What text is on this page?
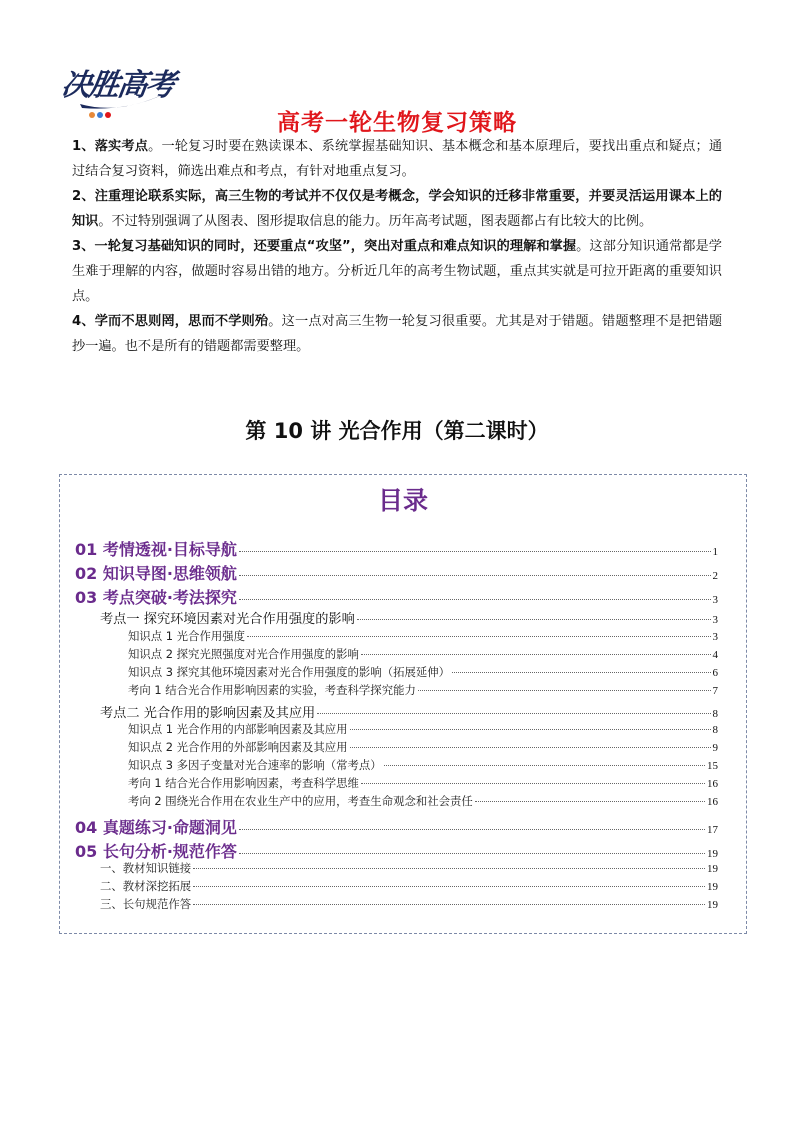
决胜高考
高考一轮生物复习策略

1、落实考点。一轮复习时要在熟读课本、系统掌握基础知识、基本概念和基本原理后，要找出重点和疑点；通过结合复习资料，筛选出难点和考点，有针对地重点复习。

2、注重理论联系实际，高三生物的考试并不仅仅是考概念，学会知识的迁移非常重要，并要灵活运用课本上的知识。不过特别强调了从图表、图形提取信息的能力。历年高考试题，图表题都占有比较大的比例。

3、一轮复习基础知识的同时，还要重点“攻坚”，突出对重点和难点知识的理解和掌握。这部分知识通常都是学生难于理解的内容，做题时容易出错的地方。分析近几年的高考生物试题，重点其实就是可拉开距离的重要知识点。

4、学而不思则罔，思而不学则殆。这一点对高三生物一轮复习很重要。尤其是对于错题。错题整理不是把错题抄一遍。也不是所有的错题都需要整理。

第 10 讲 光合作用（第二课时）
目录
01 考情透视·目标导航	1
02 知识导图·思维领航	2
03 考点突破·考法探究	3
考点一 探究环境因素对光合作用强度的影响	3
知识点 1 光合作用强度	3
知识点 2 探究光照强度对光合作用强度的影响	4
知识点 3 探究其他环境因素对光合作用强度的影响（拓展延伸）	6
考向 1 结合光合作用影响因素的实验，考查科学探究能力	7
考点二 光合作用的影响因素及其应用	8
知识点 1 光合作用的内部影响因素及其应用	8
知识点 2 光合作用的外部影响因素及其应用	9
知识点 3 多因子变量对光合速率的影响（常考点）	15
考向 1 结合光合作用影响因素，考查科学思维	16
考向 2 围绕光合作用在农业生产中的应用，考查生命观念和社会责任	16
04 真题练习·命题洞见	17
05 长句分析·规范作答	19
一、教材知识链接	19
二、教材深挖拓展	19
三、长句规范作答	19
